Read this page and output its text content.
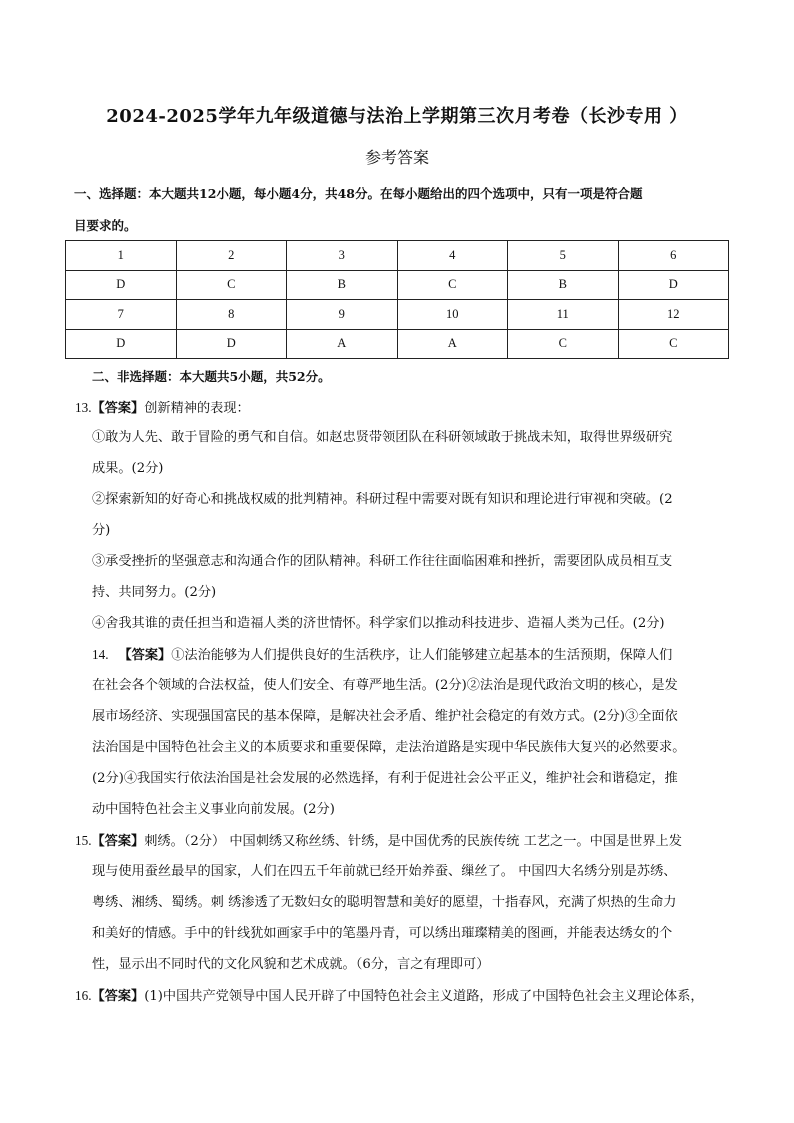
2024-2025学年九年级道德与法治上学期第三次月考卷（长沙专用 ）
参考答案
一、选择题：本大题共12小题，每小题4分，共48分。在每小题给出的四个选项中，只有一项是符合题
目要求的。
1	2	3	4	5	6
D	C	B	C	B	D
7	8	9	10	11	12
D	D	A	A	C	C
二、非选择题：本大题共5小题，共52分。
13.【答案】创新精神的表现：
①敢为人先、敢于冒险的勇气和自信。如赵忠贤带领团队在科研领域敢于挑战未知，取得世界级研究
成果。(2分)
②探索新知的好奇心和挑战权威的批判精神。科研过程中需要对既有知识和理论进行审视和突破。(2
分)
③承受挫折的坚强意志和沟通合作的团队精神。科研工作往往面临困难和挫折，需要团队成员相互支
持、共同努力。(2分)
④舍我其谁的责任担当和造福人类的济世情怀。科学家们以推动科技进步、造福人类为己任。(2分)
14. 【答案】①法治能够为人们提供良好的生活秩序，让人们能够建立起基本的生活预期，保障人们
在社会各个领域的合法权益，使人们安全、有尊严地生活。(2分)②法治是现代政治文明的核心，是发
展市场经济、实现强国富民的基本保障，是解决社会矛盾、维护社会稳定的有效方式。(2分)③全面依
法治国是中国特色社会主义的本质要求和重要保障，走法治道路是实现中华民族伟大复兴的必然要求。
(2分)④我国实行依法治国是社会发展的必然选择，有利于促进社会公平正义，维护社会和谐稳定，推
动中国特色社会主义事业向前发展。(2分)
15.【答案】刺绣。（2分） 中国刺绣又称丝绣、针绣，是中国优秀的民族传统 工艺之一。中国是世界上发
现与使用蚕丝最早的国家，人们在四五千年前就已经开始养蚕、缫丝了。 中国四大名绣分别是苏绣、
粤绣、湘绣、蜀绣。刺 绣渗透了无数妇女的聪明智慧和美好的愿望，十指春风，充满了炽热的生命力
和美好的情感。手中的针线犹如画家手中的笔墨丹青，可以绣出璀璨精美的图画，并能表达绣女的个
性，显示出不同时代的文化风貌和艺术成就。（6分，言之有理即可）
16.【答案】(1)中国共产党领导中国人民开辟了中国特色社会主义道路，形成了中国特色社会主义理论体系，
